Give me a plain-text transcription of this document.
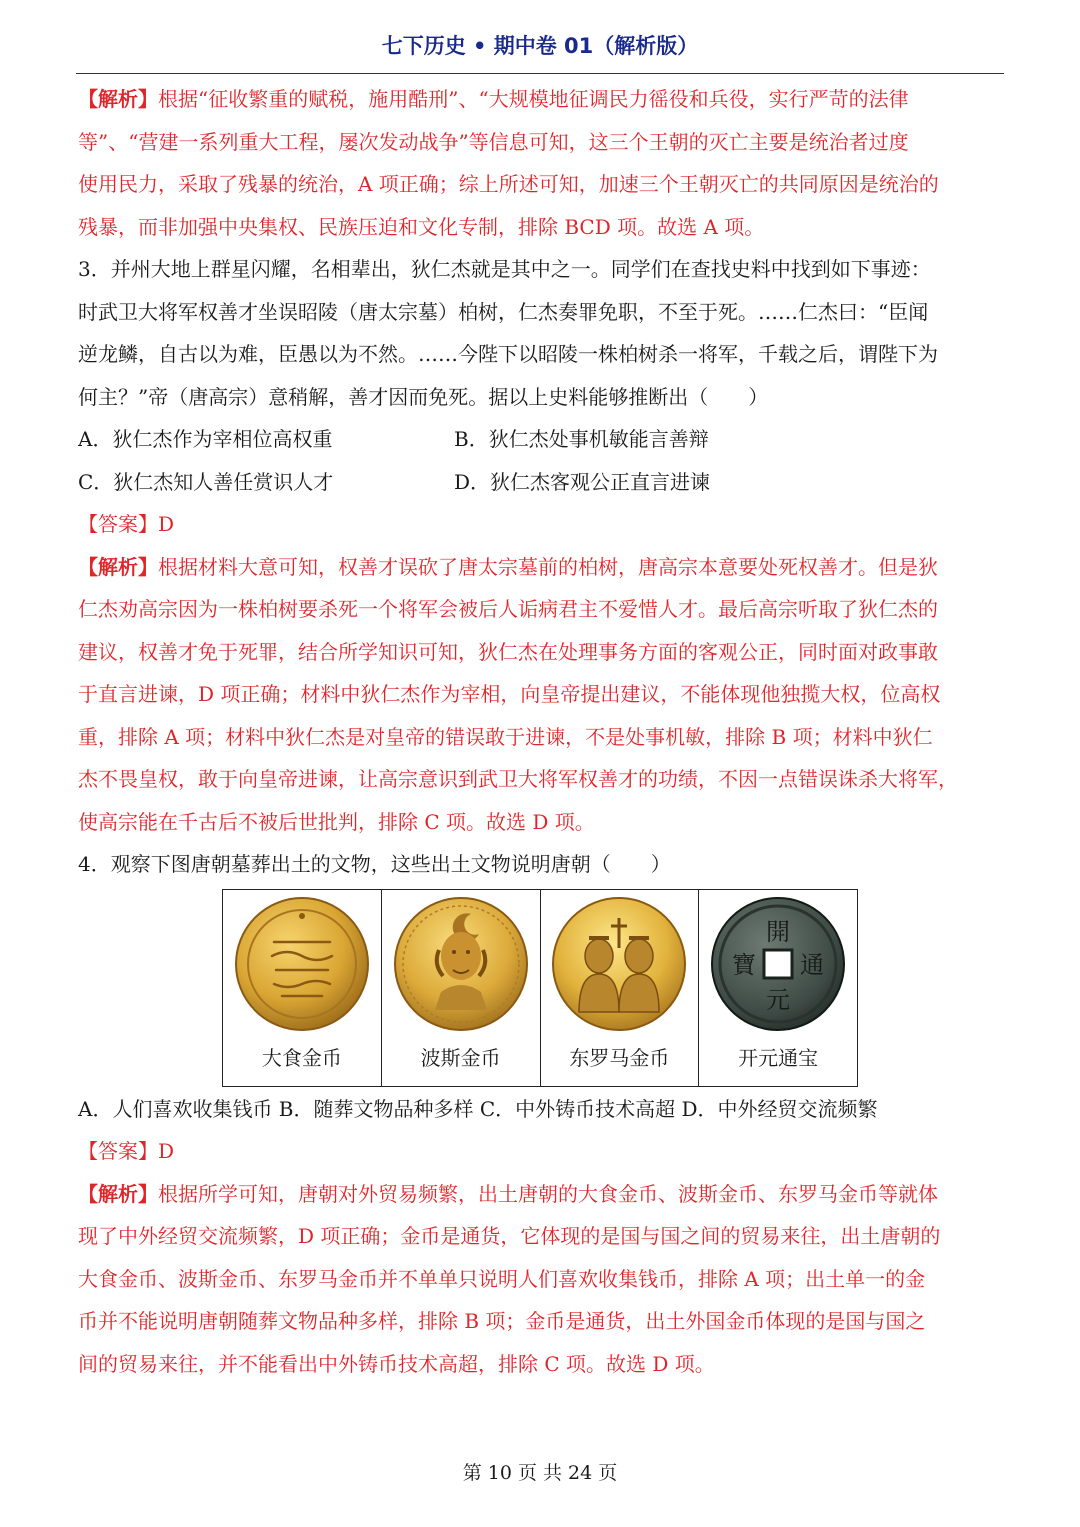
七下历史 • 期中卷 01（解析版）

【解析】根据“征收繁重的赋税，施用酷刑”、“大规模地征调民力徭役和兵役，实行严苛的法律

等”、“营建一系列重大工程，屡次发动战争”等信息可知，这三个王朝的灭亡主要是统治者过度

使用民力，采取了残暴的统治，A 项正确；综上所述可知，加速三个王朝灭亡的共同原因是统治的

残暴，而非加强中央集权、民族压迫和文化专制，排除 BCD 项。故选 A 项。

3．并州大地上群星闪耀，名相辈出，狄仁杰就是其中之一。同学们在查找史料中找到如下事迹：

时武卫大将军权善才坐误昭陵（唐太宗墓）柏树，仁杰奏罪免职，不至于死。……仁杰曰：“臣闻

逆龙鳞，自古以为难，臣愚以为不然。……今陛下以昭陵一株柏树杀一将军，千载之后，谓陛下为

何主？”帝（唐高宗）意稍解，善才因而免死。据以上史料能够推断出（　　）

A．狄仁杰作为宰相位高权重	B．狄仁杰处事机敏能言善辩
C．狄仁杰知人善任赏识人才	D．狄仁杰客观公正直言进谏

【答案】D

【解析】根据材料大意可知，权善才误砍了唐太宗墓前的柏树，唐高宗本意要处死权善才。但是狄

仁杰劝高宗因为一株柏树要杀死一个将军会被后人诟病君主不爱惜人才。最后高宗听取了狄仁杰的

建议，权善才免于死罪，结合所学知识可知，狄仁杰在处理事务方面的客观公正，同时面对政事敢

于直言进谏，D 项正确；材料中狄仁杰作为宰相，向皇帝提出建议，不能体现他独揽大权，位高权

重，排除 A 项；材料中狄仁杰是对皇帝的错误敢于进谏，不是处事机敏，排除 B 项；材料中狄仁

杰不畏皇权，敢于向皇帝进谏，让高宗意识到武卫大将军权善才的功绩，不因一点错误诛杀大将军，

使高宗能在千古后不被后世批判，排除 C 项。故选 D 项。

4．观察下图唐朝墓葬出土的文物，这些出土文物说明唐朝（　　）

大食金币	波斯金币	东罗马金币

開
通
元
寶
开元通宝

A．人们喜欢收集钱币 B．随葬文物品种多样 C．中外铸币技术高超 D．中外经贸交流频繁

【答案】D

【解析】根据所学可知，唐朝对外贸易频繁，出土唐朝的大食金币、波斯金币、东罗马金币等就体

现了中外经贸交流频繁，D 项正确；金币是通货，它体现的是国与国之间的贸易来往，出土唐朝的

大食金币、波斯金币、东罗马金币并不单单只说明人们喜欢收集钱币，排除 A 项；出土单一的金

币并不能说明唐朝随葬文物品种多样，排除 B 项；金币是通货，出土外国金币体现的是国与国之

间的贸易来往，并不能看出中外铸币技术高超，排除 C 项。故选 D 项。

第 10 页 共 24 页
